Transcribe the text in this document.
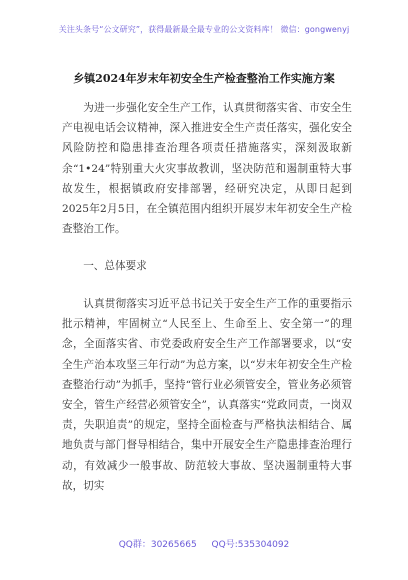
关注头条号“公文研究”，获得最新最全最专业的公文资料库！ 微信：gongwenyj
乡镇2024年岁末年初安全生产检查整治工作实施方案

为进一步强化安全生产工作，认真贯彻落实省、市安全生产电视电话会议精神，深入推进安全生产责任落实，强化安全风险防控和隐患排查治理各项责任措施落实，深刻汲取新余“1•24”特别重大火灾事故教训，坚决防范和遏制重特大事故发生，根据镇政府安排部署，经研究决定，从即日起到2025年2月5日，在全镇范围内组织开展岁末年初安全生产检查整治工作。

一、总体要求

认真贯彻落实习近平总书记关于安全生产工作的重要指示批示精神，牢固树立“人民至上、生命至上、安全第一”的理念，全面落实省、市党委政府安全生产工作部署要求，以“安全生产治本攻坚三年行动”为总方案，以“岁末年初安全生产检查整治行动”为抓手，坚持“管行业必须管安全，管业务必须管安全，管生产经营必须管安全”，认真落实“党政同责，一岗双责，失职追责”的规定，坚持全面检查与严格执法相结合、属地负责与部门督导相结合，集中开展安全生产隐患排查治理行动，有效减少一般事故、防范较大事故、坚决遏制重特大事故，切实

QQ群：30265665 QQ号:535304092
